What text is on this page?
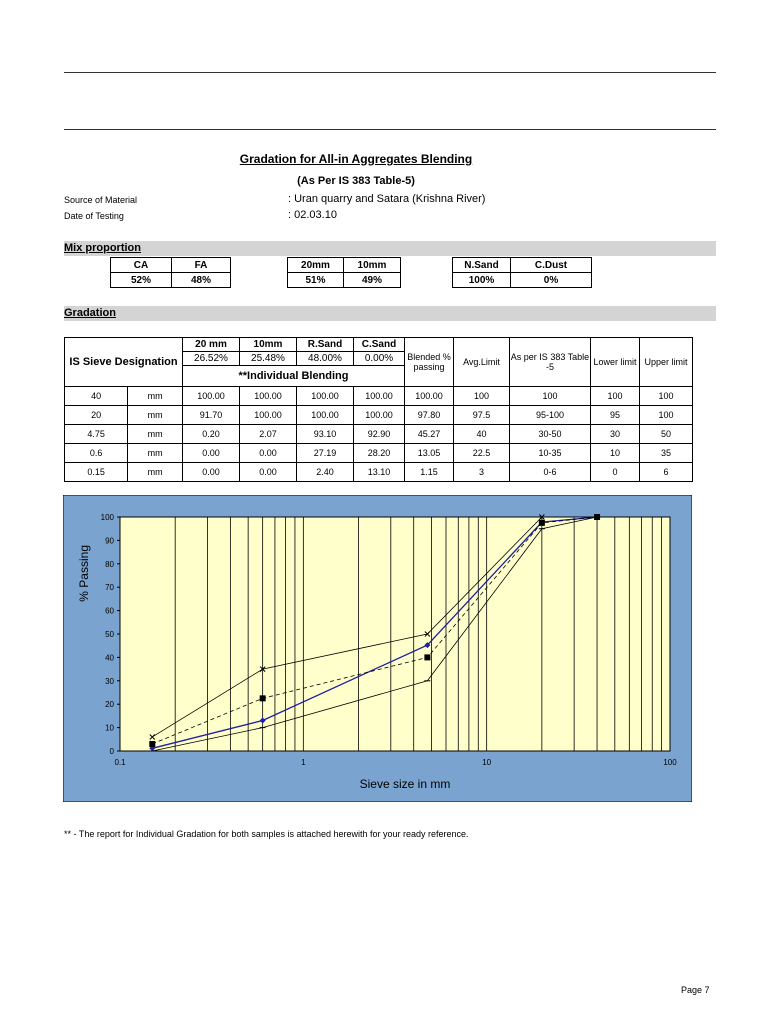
Gradation for All-in Aggregates Blending
(As Per IS 383 Table-5)
Source of Material	: Uran quarry and Satara (Krishna River)
Date of Testing	: 02.03.10
Mix proportion
CA	FA
52%	48%
20mm	10mm
51%	49%
N.Sand	C.Dust
100%	0%
Gradation
IS Sieve Designation		20 mm	10mm	R.Sand	C.Sand	Blended % passing	Avg.Limit	As per IS 383 Table -5	Lower limit	Upper limit
		26.52%	25.48%	48.00%	0.00%					
		**Individual Blending								
40	mm	100.00	100.00	100.00	100.00	100.00	100	100	100	100
20	mm	91.70	100.00	100.00	100.00	97.80	97.5	95-100	95	100
4.75	mm	0.20	2.07	93.10	92.90	45.27	40	30-50	30	50
0.6	mm	0.00	0.00	27.19	28.20	13.05	22.5	10-35	10	35
0.15	mm	0.00	0.00	2.40	13.10	1.15	3	0-6	0	6
0
10
20
30
40
50
60
70
80
90
100
0.1	1	10	100
% Passing
Sieve size in mm
** - The report for Individual Gradation for both samples is attached herewith for your ready reference.
Page 7
